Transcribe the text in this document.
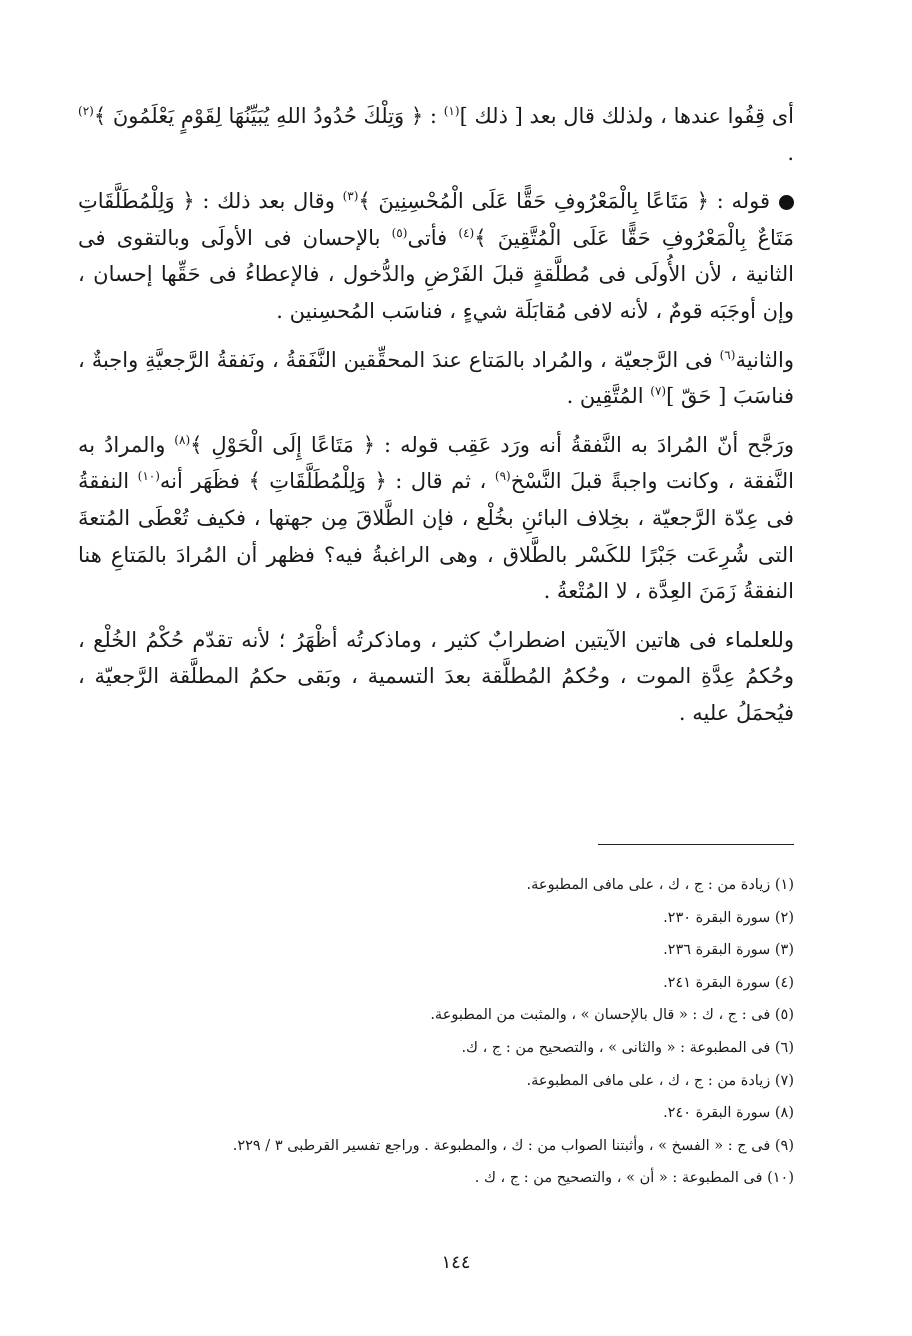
أى قِفُوا عندها ، ولذلك قال بعد [ ذلك ]$^{(١)}$ : ﴿ وَتِلْكَ حُدُودُ اللهِ يُبَيِّنُهَا لِقَوْمٍ يَعْلَمُونَ ﴾$^{(٢)}$ .

قوله : ﴿ مَتَاعًا بِالْمَعْرُوفِ حَقًّا عَلَى الْمُحْسِنِينَ ﴾$^{(٣)}$ وقال بعد ذلك : ﴿ وَلِلْمُطَلَّقَاتِ مَتَاعٌ بِالْمَعْرُوفِ حَقًّا عَلَى الْمُتَّقِينَ ﴾$^{(٤)}$ فأتى$^{(٥)}$ بالإحسان فى الأولَى وبالتقوى فى الثانية ، لأن الأُولَى فى مُطلَّقةٍ قبلَ الفَرْضِ والدُّخول ، فالإعطاءُ فى حَقِّها إحسان ، وإن أوجَبَه قومٌ ، لأنه لافى مُقابَلَة شيءٍ ، فناسَب المُحسِنين .

والثانية$^{(٦)}$ فى الرَّجعيّة ، والمُراد بالمَتاع عندَ المحقِّقين النَّفَقةُ ، ونَفقةُ الرَّجعيَّةِ واجبةٌ ، فناسَبَ [ حَقّ ]$^{(٧)}$ المُتَّقِين .

ورَجَّح أنّ المُرادَ به النَّفقةُ أنه ورَد عَقِب قوله : ﴿ مَتَاعًا إِلَى الْحَوْلِ ﴾$^{(٨)}$ والمرادُ به النَّفقة ، وكانت واجبةً قبلَ النَّسْخ$^{(٩)}$ ، ثم قال : ﴿ وَلِلْمُطَلَّقَاتِ ﴾ فظَهَر أنه$^{(١٠)}$ النفقةُ فى عِدّة الرَّجعيّة ، بخِلاف البائنِ بخُلْع ، فإن الطَّلاقَ مِن جهتها ، فكيف تُعْطَى المُتعةَ التى شُرِعَت جَبْرًا للكَسْر بالطَّلاق ، وهى الراغبةُ فيه؟ فظهر أن المُرادَ بالمَتاعِ هنا النفقةُ زَمَنَ العِدَّة ، لا المُتْعةُ .

وللعلماء فى هاتين الآيتين اضطرابٌ كثير ، وماذكرتُه أظْهَرُ ؛ لأنه تقدّم حُكْمُ الخُلْع ، وحُكمُ عِدَّةِ الموت ، وحُكمُ المُطلَّقة بعدَ التسمية ، وبَقى حكمُ المطلَّقة الرَّجعيّة ، فيُحمَلُ عليه .

(١) زيادة من : ج ، ك ، على مافى المطبوعة.
(٢) سورة البقرة ٢٣٠.
(٣) سورة البقرة ٢٣٦.
(٤) سورة البقرة ٢٤١.
(٥) فى : ج ، ك : « قال بالإحسان » ، والمثبت من المطبوعة.
(٦) فى المطبوعة : « والثانى » ، والتصحيح من : ج ، ك.
(٧) زيادة من : ج ، ك ، على مافى المطبوعة.
(٨) سورة البقرة ٢٤٠.
(٩) فى ج : « الفسخ » ، وأثبتنا الصواب من : ك ، والمطبوعة . وراجع تفسير القرطبى ٣ / ٢٢٩.
(١٠) فى المطبوعة : « أن » ، والتصحيح من : ج ، ك .
١٤٤
